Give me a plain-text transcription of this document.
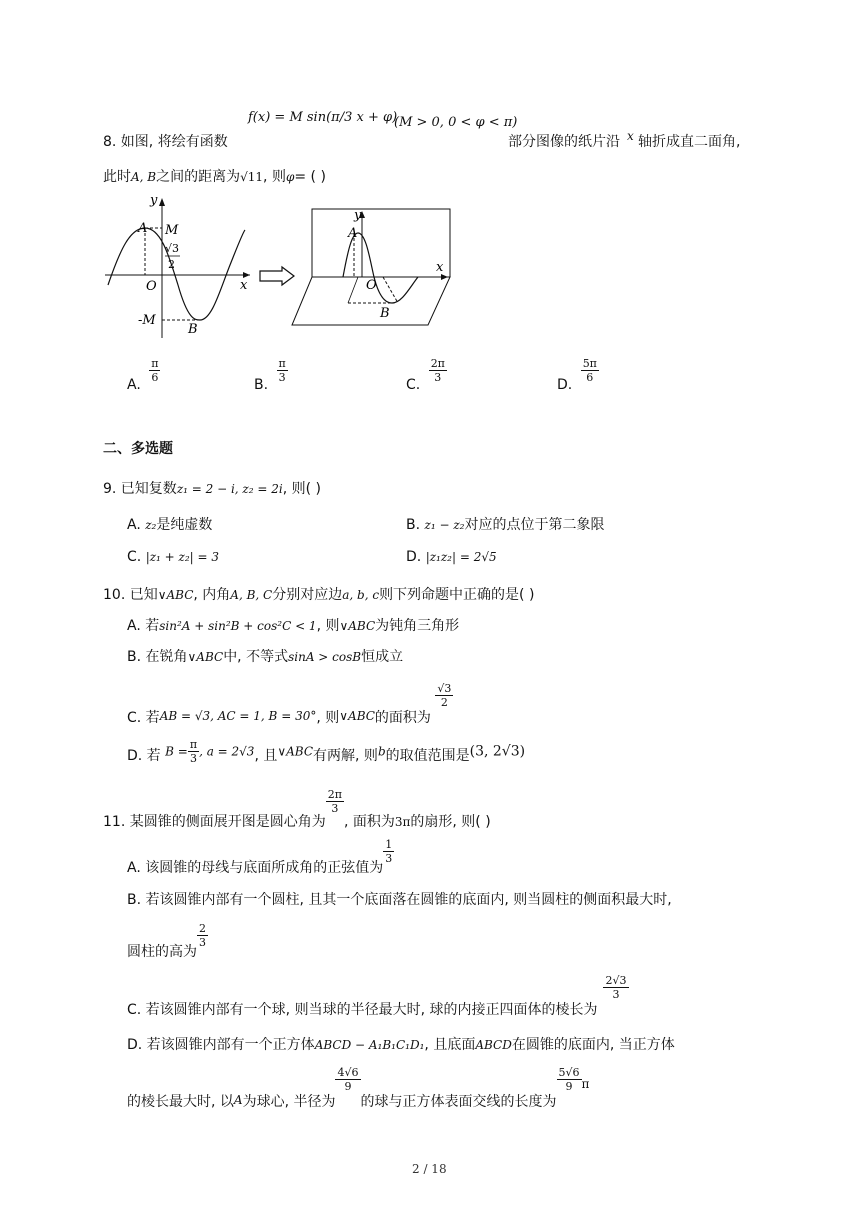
8. 如图, 将绘有函数
f(x) = M sin(π/3 x + φ)
(M > 0, 0 < φ < π)
部分图像的纸片沿 x 轴折成直二面角,
此时A, B之间的距离为√11, 则φ= ( )
y
A M
√3
2
O	x
-M
B
y
A
x
O
B
A.
$\frac{\pi}{6}$
B.
$\frac{\pi}{3}$
C.
$\frac{2\pi}{3}$
D.
$\frac{5\pi}{6}$
二、多选题
9. 已知复数z₁ = 2 − i, z₂ = 2i, 则( )
A. z₂是纯虚数	B. z₁ − z₂对应的点位于第二象限
C. |z₁ + z₂| = 3	D. |z₁z₂| = 2√5
10. 已知∨ABC, 内角A, B, C分别对应边a, b, c则下列命题中正确的是( )
A. 若sin²A + sin²B + cos²C < 1, 则∨ABC为钝角三角形
B. 在锐角∨ABC中, 不等式sinA > cosB恒成立
C. 若AB = √3, AC = 1, B = 30°, 则∨ABC的面积为
$\frac{√3}{2}$
D. 若 $B = \frac{\pi}{3}$ , a = 2√3, 且∨ABC有两解, 则b的取值范围是(3, 2√3)
11. 某圆锥的侧面展开图是圆心角为
$\frac{2\pi}{3}$
, 面积为3π的扇形, 则( )
A. 该圆锥的母线与底面所成角的正弦值为
$\frac{1}{3}$
B. 若该圆锥内部有一个圆柱, 且其一个底面落在圆锥的底面内, 则当圆柱的侧面积最大时,
圆柱的高为
$\frac{2}{3}$
C. 若该圆锥内部有一个球, 则当球的半径最大时, 球的内接正四面体的棱长为
$\frac{2√3}{3}$
D. 若该圆锥内部有一个正方体ABCD − A₁B₁C₁D₁, 且底面ABCD在圆锥的底面内, 当正方体
的棱长最大时, 以A为球心, 半径为
$\frac{4√6}{9}$
的球与正方体表面交线的长度为
$\frac{5√6}{9}$ π
2 / 18
